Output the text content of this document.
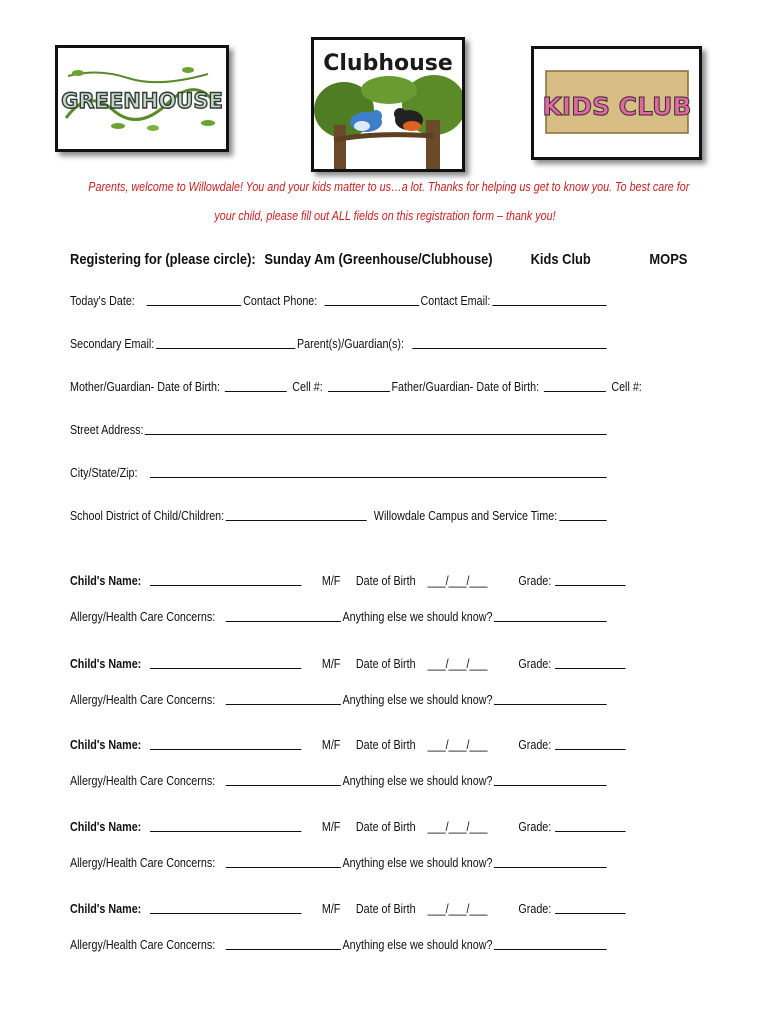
GREENHOUSE
Clubhouse
KIDS CLUB
Parents, welcome to Willowdale! You and your kids matter to us…a lot. Thanks for helping us get to know you. To best care for
your child, please fill out ALL fields on this registration form – thank you!
Registering for (please circle): Sunday Am (Greenhouse/Clubhouse)	Kids Club	MOPS
Today's Date:	Contact Phone:	Contact Email:
Secondary Email:	Parent(s)/Guardian(s):
Mother/Guardian- Date of Birth:	Cell #:	Father/Guardian- Date of Birth:	Cell #:
Street Address:
City/State/Zip:
School District of Child/Children:	Willowdale Campus and Service Time:
Child's Name:	M/F Date of Birth ___/___/___ Grade:
Allergy/Health Care Concerns:	Anything else we should know?
Child's Name:	M/F Date of Birth ___/___/___ Grade:
Allergy/Health Care Concerns:	Anything else we should know?
Child's Name:	M/F Date of Birth ___/___/___ Grade:
Allergy/Health Care Concerns:	Anything else we should know?
Child's Name:	M/F Date of Birth ___/___/___ Grade:
Allergy/Health Care Concerns:	Anything else we should know?
Child's Name:	M/F Date of Birth ___/___/___ Grade:
Allergy/Health Care Concerns:	Anything else we should know?
